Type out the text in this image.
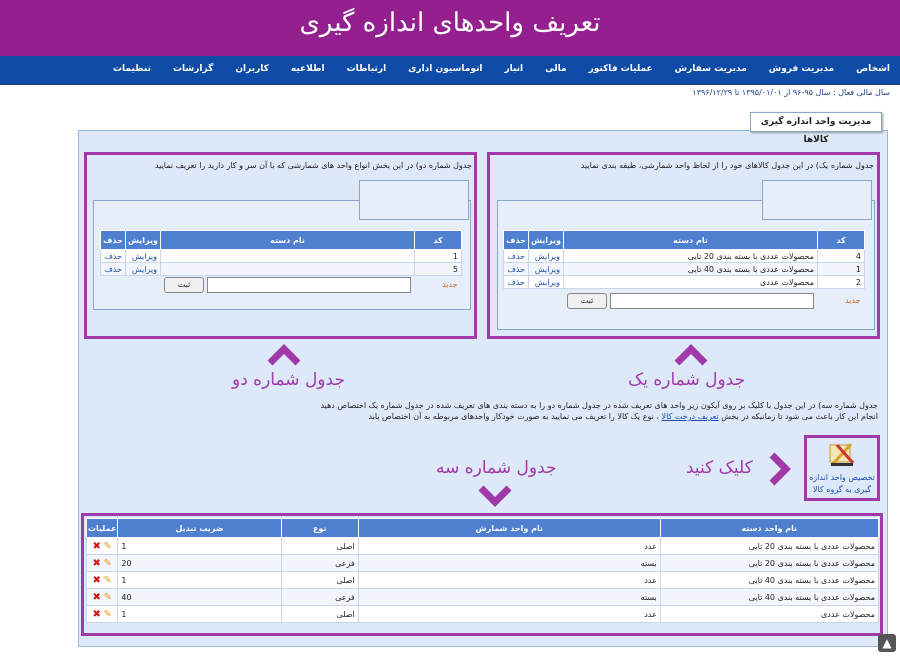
تعریف واحدهای اندازه گیری
اشخاص
مدیریت فروش
مدیریت سفارش
عملیات فاکتور
مالی
انبار
اتوماسیون اداری
ارتباطات
اطلاعیه
کاربران
گزارشات
تنظیمات
سال مالی فعال : سال ۹۵-۹۶ از ۱۳۹۵/۰۱/۰۱ تا ۱۳۹۶/۱۲/۲۹
مدیریت واحد اندازه گیری کالاها
جدول شماره یک) در این جدول کالاهای خود را از لحاظ واحد شمارشی، طبقه بندی نمایید
کد	نام دسته	ویرایش	حذف
4	محصولات عددی با بسته بندی 20 تایی	ویرایش	حذف
1	محصولات عددی با بسته بندی 40 تایی	ویرایش	حذف
2	محصولات عددی	ویرایش	حذف
ثبت	جدید
جدول شماره دو) در این بخش انواع واحد های شمارشی که با آن سر و کار دارید را تعریف نمایید
کد	نام دسته	ویرایش	حذف
1		ویرایش	حذف
5		ویرایش	حذف
ثبت	جدید
جدول شماره یک
جدول شماره دو
جدول شماره سه) در این جدول با کلیک بر روی آیکون زیر واحد های تعریف شده در جدول شماره دو را به دسته بندی های تعریف شده در جدول شماره یک اختصاص دهید
انجام این کار باعث می شود تا زمانیکه در بخش تعریف درخت کالا ، نوع یک کالا را تعریف می نمایید به صورت خودکار واحدهای مربوطه به آن اختصاص یابد
تخصیص واحد اندازه گیری به گروه کالا
کلیک کنید
جدول شماره سه
نام واحد دسته	نام واحد شمارش	نوع	ضریب تبدیل	عملیات
محصولات عددی با بسته بندی 20 تایی	عدد	اصلی	1	✎ ✖
محصولات عددی با بسته بندی 20 تایی	بسته	فرعی	20	✎ ✖
محصولات عددی با بسته بندی 40 تایی	عدد	اصلی	1	✎ ✖
محصولات عددی با بسته بندی 40 تایی	بسته	فرعی	40	✎ ✖
محصولات عددی	عدد	اصلی	1	✎ ✖
▲
